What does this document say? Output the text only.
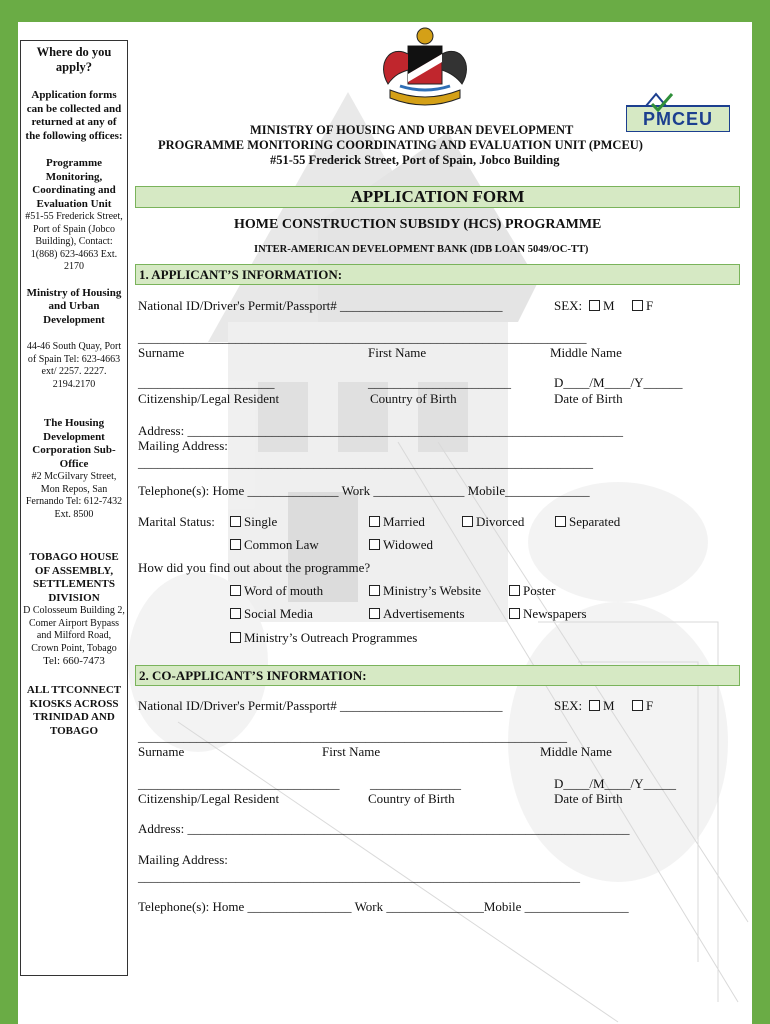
Where do you apply?
Application forms can be collected and returned at any of the following offices:
Programme Monitoring, Coordinating and Evaluation Unit
#51-55 Frederick Street, Port of Spain (Jobco Building), Contact: 1(868) 623-4663 Ext. 2170
Ministry of Housing and Urban Development
44-46 South Quay, Port of Spain Tel: 623-4663 ext/ 2257. 2227. 2194.2170
The Housing Development Corporation Sub-Office
#2 McGilvary Street, Mon Repos, San Fernando Tel: 612-7432 Ext. 8500
TOBAGO HOUSE OF ASSEMBLY, SETTLEMENTS DIVISION
D Colosseum Building 2, Comer Airport Bypass and Milford Road, Crown Point, Tobago
Tel: 660-7473
ALL TTCONNECT KIOSKS ACROSS TRINIDAD AND TOBAGO
PMCEU
MINISTRY OF HOUSING AND URBAN DEVELOPMENT
PROGRAMME MONITORING COORDINATING AND EVALUATION UNIT (PMCEU)
#51-55 Frederick Street, Port of Spain, Jobco Building
APPLICATION FORM
HOME CONSTRUCTION SUBSIDY (HCS) PROGRAMME
INTER-AMERICAN DEVELOPMENT BANK (IDB LOAN 5049/OC-TT)
1. APPLICANT’S INFORMATION:
National ID/Driver's Permit/Passport# _________________________	SEX:	M	F
_____________________________________________________________________
Surname	First Name	Middle Name
_____________________	______________________	D____/M____/Y______
Citizenship/Legal Resident	Country of Birth	Date of Birth
Address: ___________________________________________________________________
Mailing Address:
______________________________________________________________________
Telephone(s): Home ______________ Work ______________ Mobile_____________
Marital Status:	Single	Married	Divorced	Separated
Common Law	Widowed
How did you find out about the programme?
Word of mouth	Ministry’s Website	Poster
Social Media	Advertisements	Newspapers
Ministry’s Outreach Programmes
2. CO-APPLICANT’S INFORMATION:
National ID/Driver's Permit/Passport# _________________________	SEX:	M	F
__________________________________________________________________
Surname	First Name	Middle Name
_______________________________ ______________	D____/M____/Y_____
Citizenship/Legal Resident	Country of Birth	Date of Birth
Address: ____________________________________________________________________
Mailing Address:
____________________________________________________________________
Telephone(s): Home ________________ Work _______________Mobile ________________
